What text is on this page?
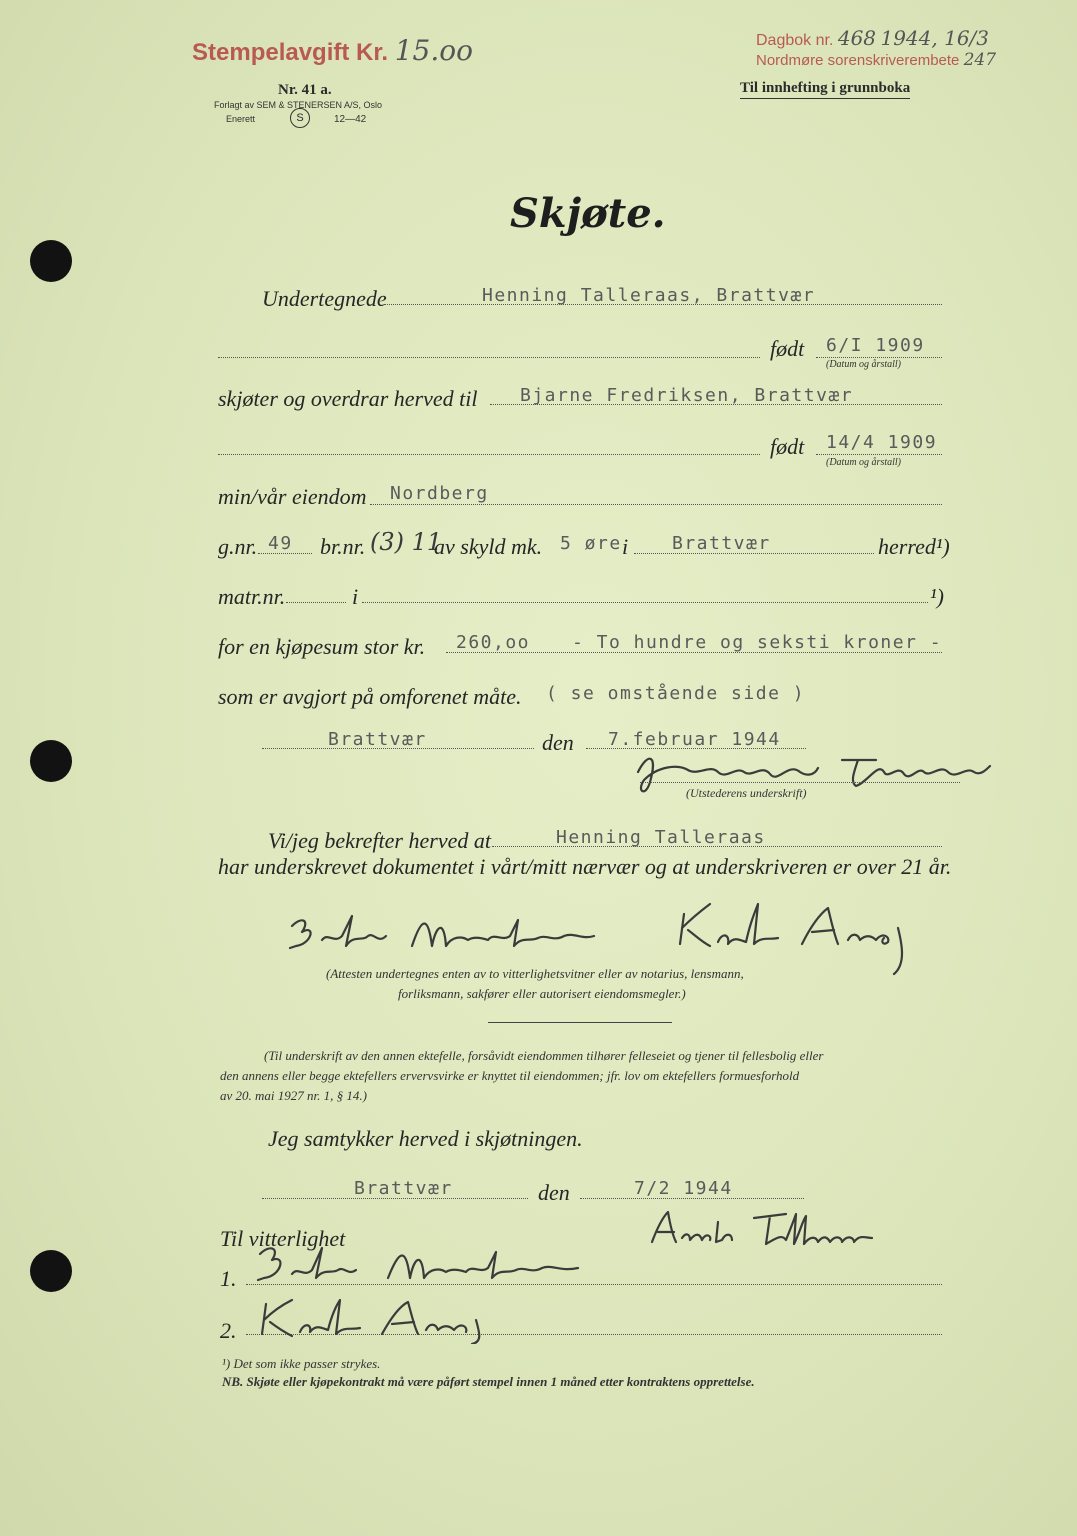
Stempelavgift Kr. 15.oo	Dagbok nr. 468 1944, 16/3
Nordmøre sorenskriverembete 247
Nr. 41 a.
Forlagt av SEM & STENERSEN A/S, Oslo
Enerett	S	12—42
Til innhefting i grunnboka
Skjøte.
Undertegnede	Henning Talleraas, Brattvær
født 6/I 1909
(Datum og årstall)
skjøter og overdrar herved til Bjarne Fredriksen, Brattvær
født 14/4 1909
(Datum og årstall)
min/vår eiendom Nordberg
g.nr. 49 br.nr. (3) 11
av skyld mk. 5 øre i Brattvær	herred¹)
matr.nr.	i	¹)
for en kjøpesum stor kr. 260,oo - To hundre og seksti kroner -
som er avgjort på omforenet måte. ( se omstående side )
Brattvær	den 7.februar 1944
(Utstederens underskrift)
Vi/jeg bekrefter herved at	Henning Talleraas
har underskrevet dokumentet i vårt/mitt nærvær og at underskriveren er over 21 år.
(Attesten undertegnes enten av to vitterlighetsvitner eller av notarius, lensmann,
forliksmann, sakfører eller autorisert eiendomsmegler.)
(Til underskrift av den annen ektefelle, forsåvidt eiendommen tilhører felleseiet og tjener til fellesbolig eller
den annens eller begge ektefellers ervervsvirke er knyttet til eiendommen; jfr. lov om ektefellers formuesforhold
av 20. mai 1927 nr. 1, § 14.)
Jeg samtykker herved i skjøtningen.
Brattvær	den	7/2 1944
Til vitterlighet
1.
2.
¹) Det som ikke passer strykes.
NB. Skjøte eller kjøpekontrakt må være påført stempel innen 1 måned etter kontraktens opprettelse.
